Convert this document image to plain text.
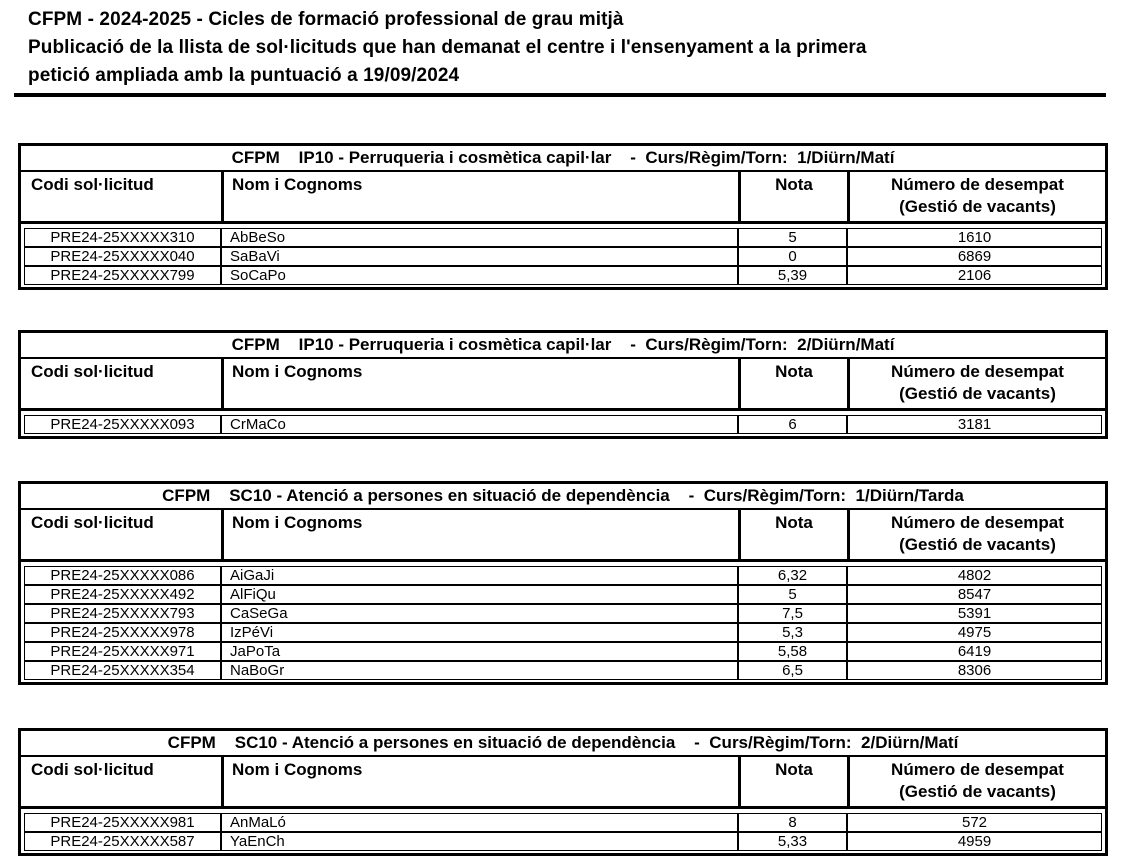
CFPM - 2024-2025 - Cicles de formació professional de grau mitjà
Publicació de la llista de sol·licituds que han demanat el centre i l'ensenyament a la primera
petició ampliada amb la puntuació a 19/09/2024
CFPM    IP10 - Perruqueria i cosmètica capil·lar    -  Curs/Règim/Torn:  1/Diürn/Matí
Codi sol·licitud	Nom i Cognoms	Nota	Número de desempat
(Gestió de vacants)
PRE24-25XXXXX310	AbBeSo	5	1610
PRE24-25XXXXX040	SaBaVi	0	6869
PRE24-25XXXXX799	SoCaPo	5,39	2106
CFPM    IP10 - Perruqueria i cosmètica capil·lar    -  Curs/Règim/Torn:  2/Diürn/Matí
Codi sol·licitud	Nom i Cognoms	Nota	Número de desempat
(Gestió de vacants)
PRE24-25XXXXX093	CrMaCo	6	3181
CFPM    SC10 - Atenció a persones en situació de dependència    -  Curs/Règim/Torn:  1/Diürn/Tarda
Codi sol·licitud	Nom i Cognoms	Nota	Número de desempat
(Gestió de vacants)
PRE24-25XXXXX086	AiGaJi	6,32	4802
PRE24-25XXXXX492	AlFiQu	5	8547
PRE24-25XXXXX793	CaSeGa	7,5	5391
PRE24-25XXXXX978	IzPéVi	5,3	4975
PRE24-25XXXXX971	JaPoTa	5,58	6419
PRE24-25XXXXX354	NaBoGr	6,5	8306
CFPM    SC10 - Atenció a persones en situació de dependència    -  Curs/Règim/Torn:  2/Diürn/Matí
Codi sol·licitud	Nom i Cognoms	Nota	Número de desempat
(Gestió de vacants)
PRE24-25XXXXX981	AnMaLó	8	572
PRE24-25XXXXX587	YaEnCh	5,33	4959
